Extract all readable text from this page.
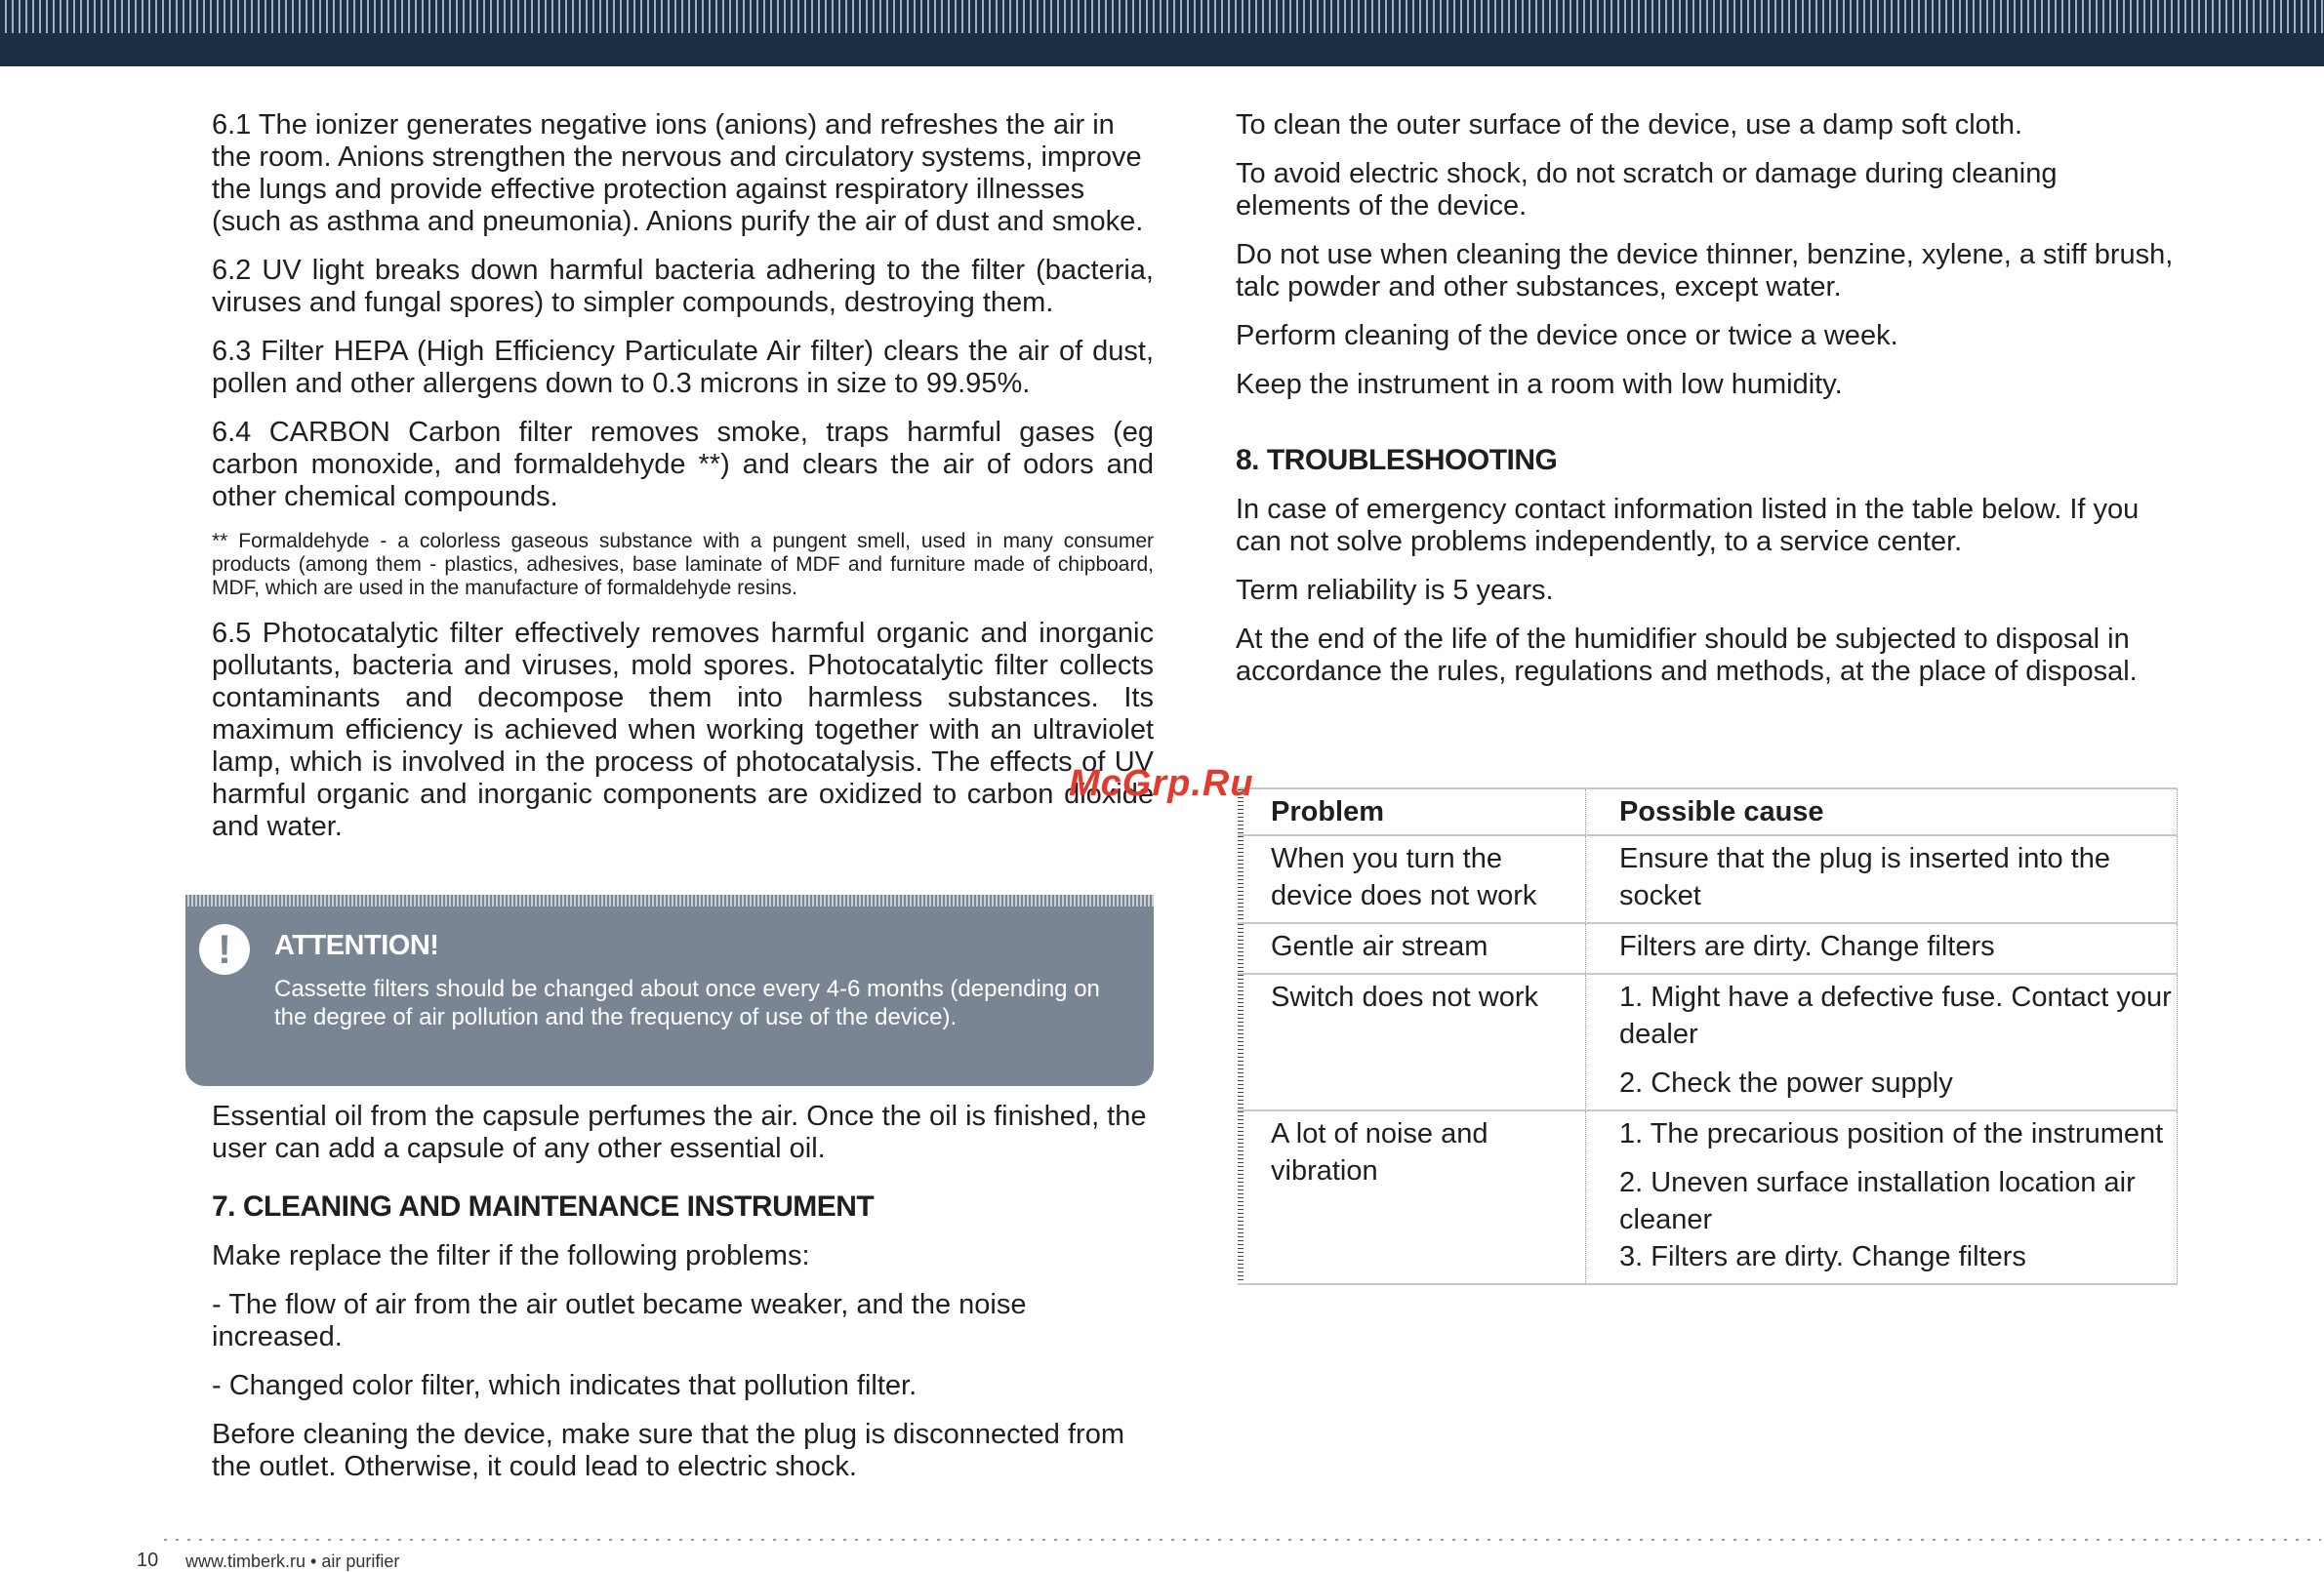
6.1 The ionizer generates negative ions (anions) and refreshes the air in the room. Anions strengthen the nervous and circulatory systems, improve the lungs and provide effective protection against respiratory illnesses (such as asthma and pneumonia). Anions purify the air of dust and smoke.

6.2 UV light breaks down harmful bacteria adhering to the filter (bacteria, viruses and fungal spores) to simpler compounds, destroying them.

6.3 Filter HEPA (High Efficiency Particulate Air filter) clears the air of dust, pollen and other allergens down to 0.3 microns in size to 99.95%.

6.4 CARBON Carbon filter removes smoke, traps harmful gases (eg carbon monoxide, and formaldehyde **) and clears the air of odors and other chemical compounds.

** Formaldehyde - a colorless gaseous substance with a pungent smell, used in many consumer products (among them - plastics, adhesives, base laminate of MDF and furniture made of chipboard, MDF, which are used in the manufacture of formaldehyde resins.

6.5 Photocatalytic filter effectively removes harmful organic and inorganic pollutants, bacteria and viruses, mold spores. Photocatalytic filter collects contaminants and decompose them into harmless substances. Its maximum efficiency is achieved when working together with an ultraviolet lamp, which is involved in the process of photocatalysis. The effects of UV harmful organic and inorganic components are oxidized to carbon dioxide and water.

!	ATTENTION!
Cassette filters should be changed about once every 4-6 months (depending on the degree of air pollution and the frequency of use of the device).

Essential oil from the capsule perfumes the air. Once the oil is finished, the user can add a capsule of any other essential oil.

7. CLEANING AND MAINTENANCE INSTRUMENT

Make replace the filter if the following problems:

- The flow of air from the air outlet became weaker, and the noise increased.

- Changed color filter, which indicates that pollution filter.

Before cleaning the device, make sure that the plug is disconnected from the outlet. Otherwise, it could lead to electric shock.

To clean the outer surface of the device, use a damp soft cloth.

To avoid electric shock, do not scratch or damage during cleaning elements of the device.

Do not use when cleaning the device thinner, benzine, xylene, a stiff brush, talc powder and other substances, except water.

Perform cleaning of the device once or twice a week.

Keep the instrument in a room with low humidity.

8. TROUBLESHOOTING

In case of emergency contact information listed in the table below. If you can not solve problems independently, to a service center.

Term reliability is 5 years.

At the end of the life of the humidifier should be subjected to disposal in accordance the rules, regulations and methods, at the place of disposal.

Problem	Possible cause
When you turn the device does not work	Ensure that the plug is inserted into the socket
Gentle air stream	Filters are dirty. Change filters
Switch does not work	1. Might have a defective fuse. Contact your dealer
2. Check the power supply

A lot of noise and vibration	1. The precarious position of the instrument
2. Uneven surface installation location air cleaner
3. Filters are dirty. Change filters
McGrp.Ru
10 www.timberk.ru • air purifier
